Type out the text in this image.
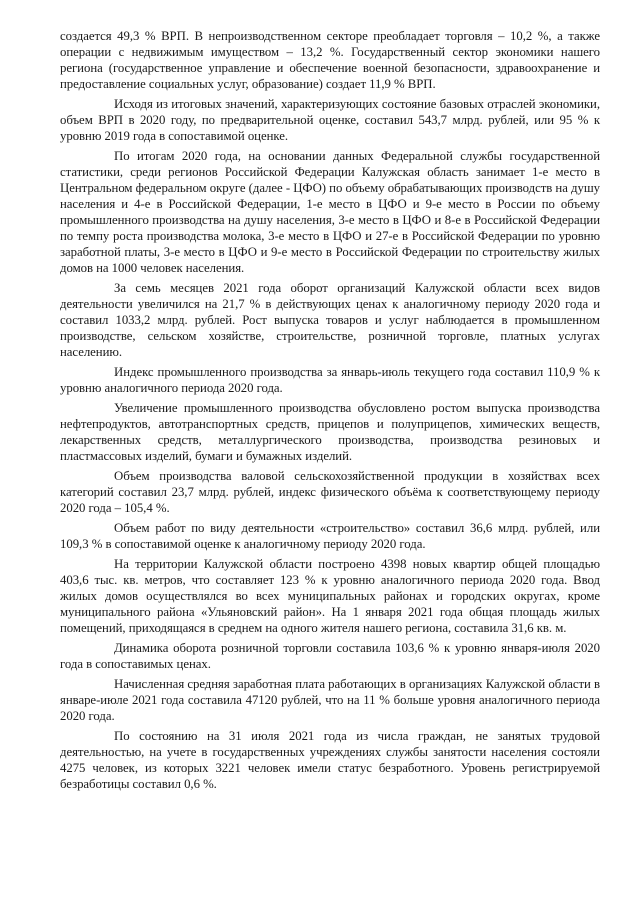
создается 49,3 % ВРП. В непроизводственном секторе преобладает торговля – 10,2 %, а также операции с недвижимым имуществом – 13,2 %. Государственный сектор экономики нашего региона (государственное управление и обеспечение военной безопасности, здравоохранение и предоставление социальных услуг, образование) создает 11,9 % ВРП.

Исходя из итоговых значений, характеризующих состояние базовых отраслей экономики, объем ВРП в 2020 году, по предварительной оценке, составил 543,7 млрд. рублей, или 95 % к уровню 2019 года в сопоставимой оценке.

По итогам 2020 года, на основании данных Федеральной службы государственной статистики, среди регионов Российской Федерации Калужская область занимает 1-е место в Центральном федеральном округе (далее - ЦФО) по объему обрабатывающих производств на душу населения и 4-е в Российской Федерации, 1-е место в ЦФО и 9-е место в России по объему промышленного производства на душу населения, 3-е место в ЦФО и 8-е в Российской Федерации по темпу роста производства молока, 3-е место в ЦФО и 27-е в Российской Федерации по уровню заработной платы, 3-е место в ЦФО и 9-е место в Российской Федерации по строительству жилых домов на 1000 человек населения.

За семь месяцев 2021 года оборот организаций Калужской области всех видов деятельности увеличился на 21,7 % в действующих ценах к аналогичному периоду 2020 года и составил 1033,2 млрд. рублей. Рост выпуска товаров и услуг наблюдается в промышленном производстве, сельском хозяйстве, строительстве, розничной торговле, платных услугах населению.

Индекс промышленного производства за январь-июль текущего года составил 110,9 % к уровню аналогичного периода 2020 года.

Увеличение промышленного производства обусловлено ростом выпуска производства нефтепродуктов, автотранспортных средств, прицепов и полуприцепов, химических веществ, лекарственных средств, металлургического производства, производства резиновых и пластмассовых изделий, бумаги и бумажных изделий.

Объем производства валовой сельскохозяйственной продукции в хозяйствах всех категорий составил 23,7 млрд. рублей, индекс физического объёма к соответствующему периоду 2020 года – 105,4 %.

Объем работ по виду деятельности «строительство» составил 36,6 млрд. рублей, или 109,3 % в сопоставимой оценке к аналогичному периоду 2020 года.

На территории Калужской области построено 4398 новых квартир общей площадью 403,6 тыс. кв. метров, что составляет 123 % к уровню аналогичного периода 2020 года. Ввод жилых домов осуществлялся во всех муниципальных районах и городских округах, кроме муниципального района «Ульяновский район». На 1 января 2021 года общая площадь жилых помещений, приходящаяся в среднем на одного жителя нашего региона, составила 31,6 кв. м.

Динамика оборота розничной торговли составила 103,6 % к уровню января-июля 2020 года в сопоставимых ценах.

Начисленная средняя заработная плата работающих в организациях Калужской области в январе-июле 2021 года составила 47120 рублей, что на 11 % больше уровня аналогичного периода 2020 года.

По состоянию на 31 июля 2021 года из числа граждан, не занятых трудовой деятельностью, на учете в государственных учреждениях службы занятости населения состояли 4275 человек, из которых 3221 человек имели статус безработного. Уровень регистрируемой безработицы составил 0,6 %.
